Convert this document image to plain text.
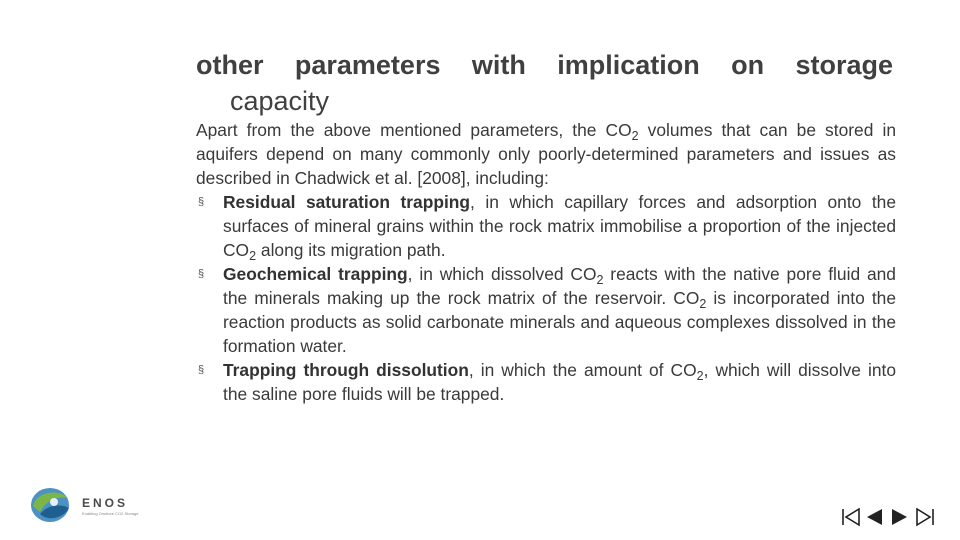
other parameters with implication on storage
capacity

Apart from the above mentioned parameters, the $CO_2$ volumes that can be stored in aquifers depend on many commonly only poorly-determined parameters and issues as described in Chadwick et al. [2008], including:

§ Residual saturation trapping, in which capillary forces and adsorption onto the surfaces of mineral grains within the rock matrix immobilise a proportion of the injected $CO_2$ along its migration path.
§ Geochemical trapping, in which dissolved $CO_2$ reacts with the native pore fluid and the minerals making up the rock matrix of the reservoir. $CO_2$ is incorporated into the reaction products as solid carbonate minerals and aqueous complexes dissolved in the formation water.
§ Trapping through dissolution, in which the amount of $CO_2$, which will dissolve into the saline pore fluids will be trapped.
ENOS
Enabling Onshore CO2 Storage
